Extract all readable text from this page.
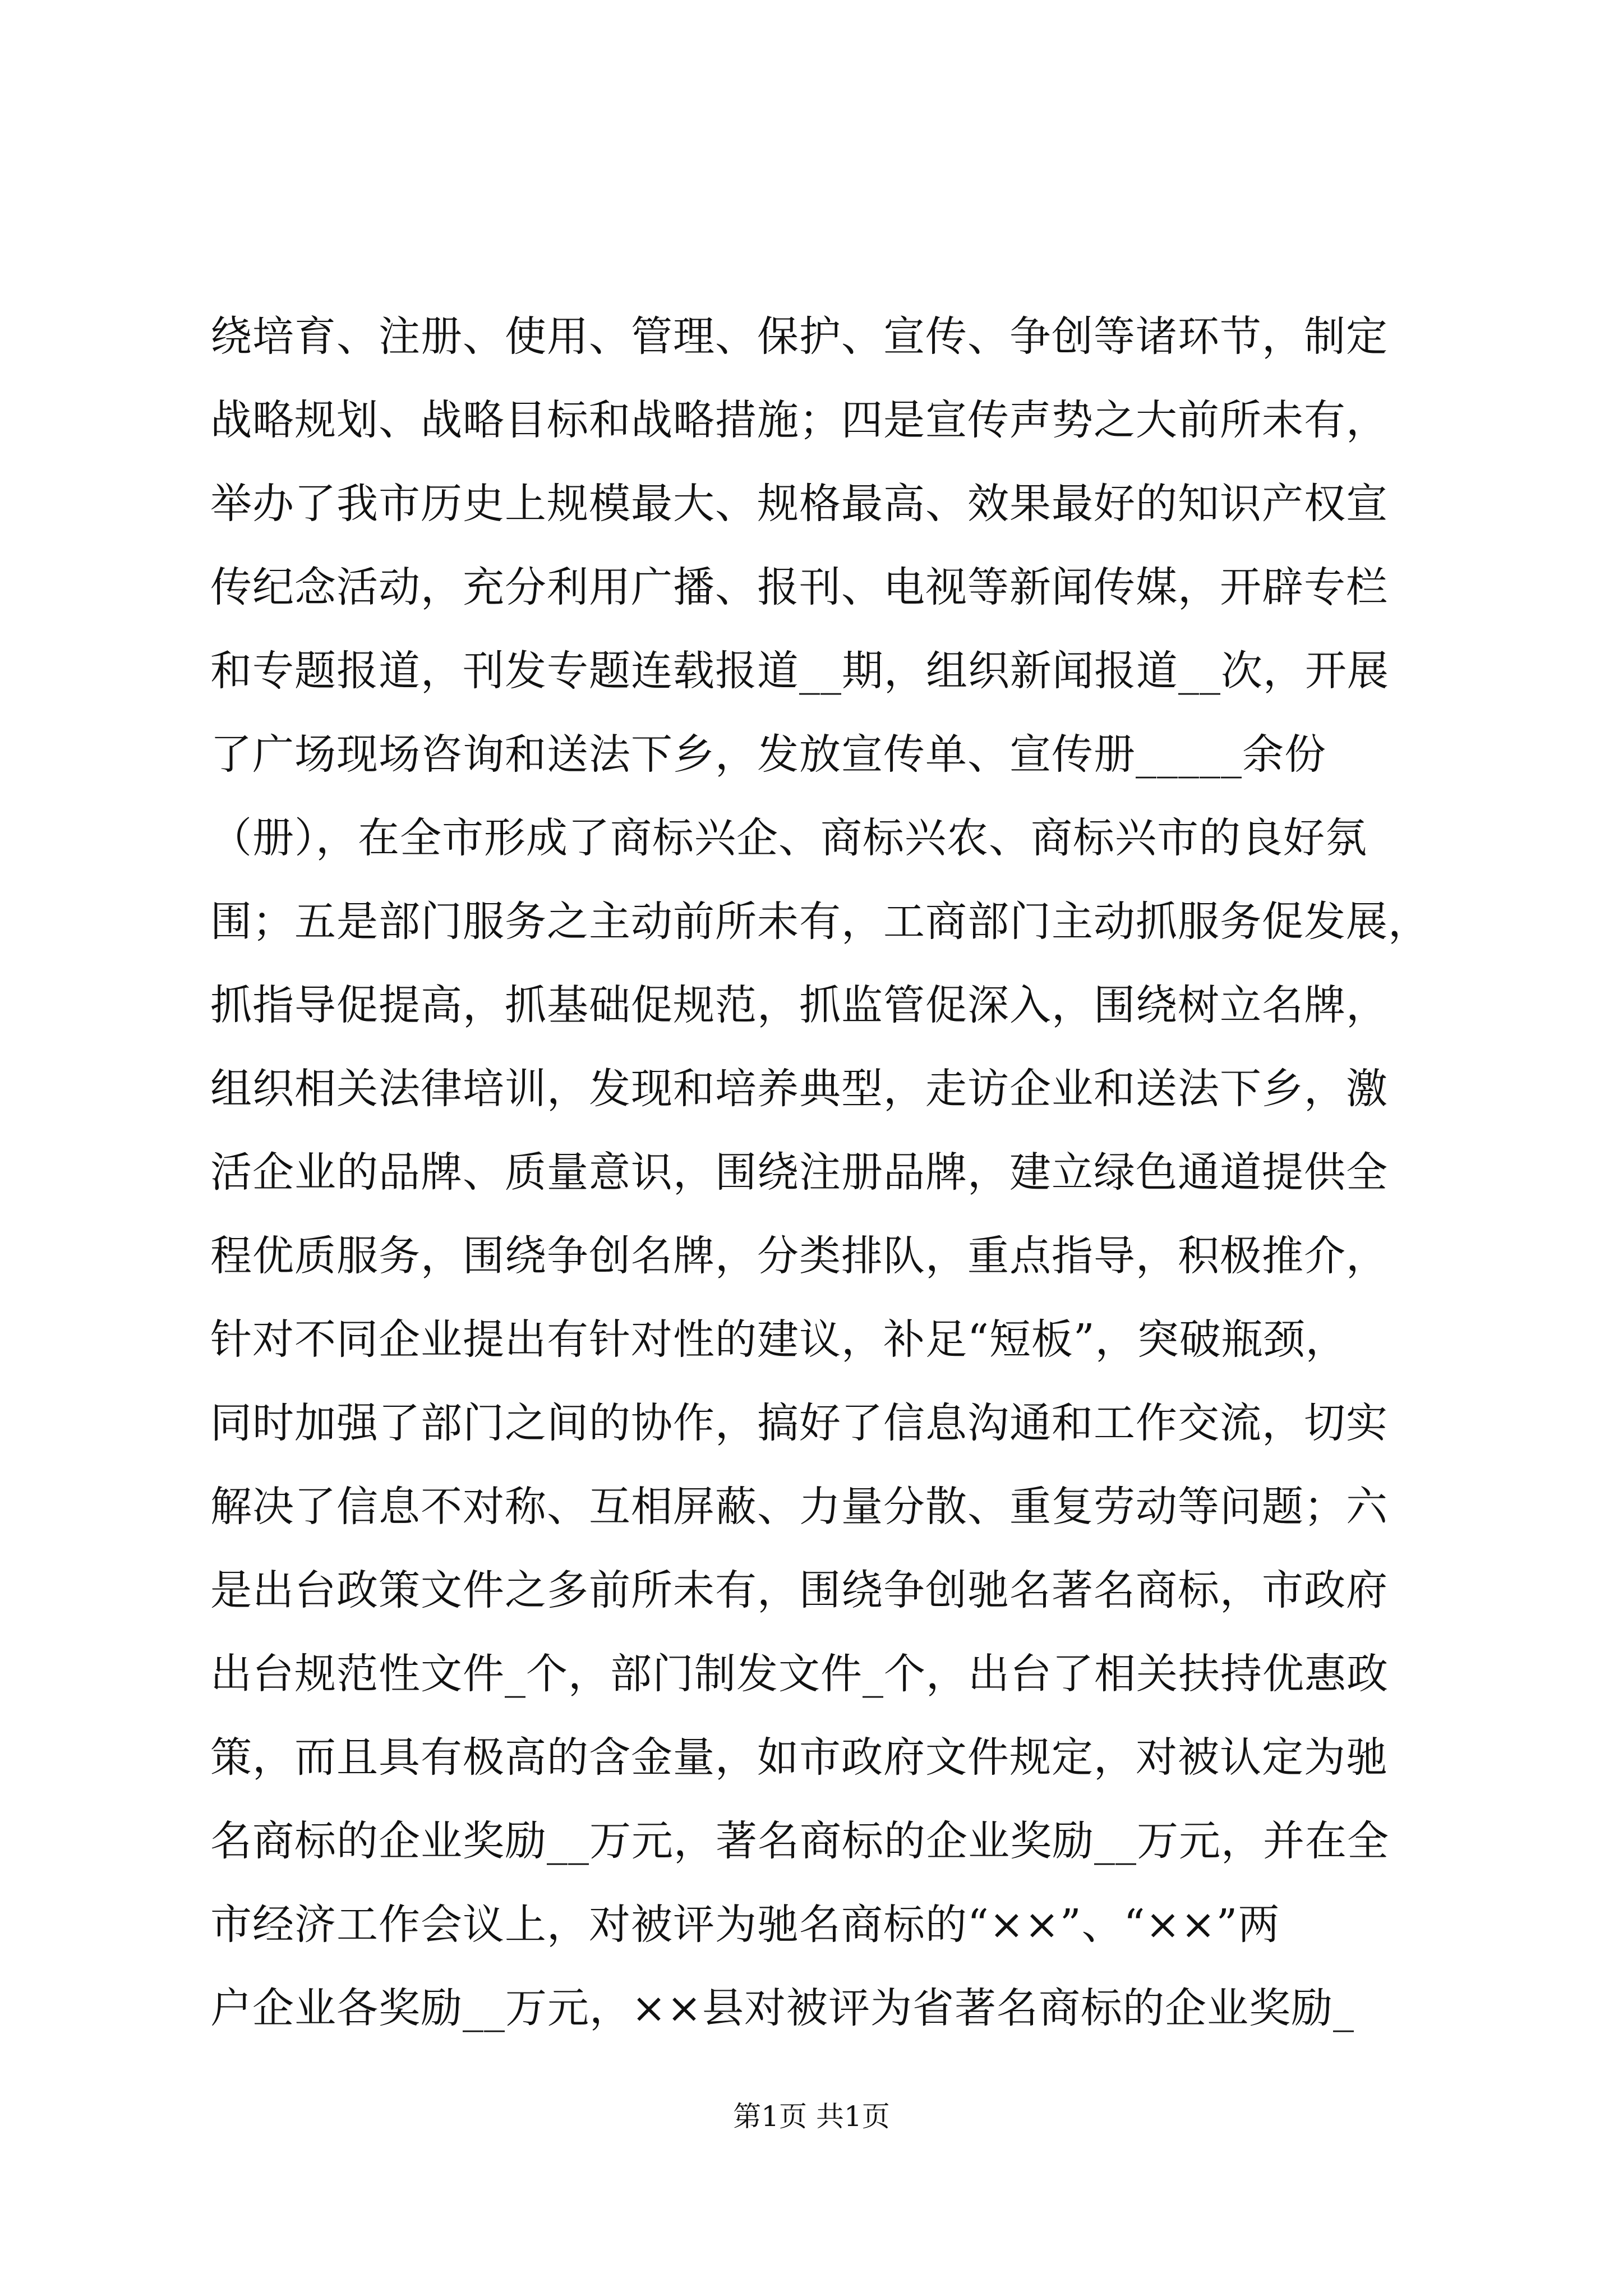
绕培育、注册、使用、管理、保护、宣传、争创等诸环节，制定
战略规划、战略目标和战略措施；四是宣传声势之大前所未有，
举办了我市历史上规模最大、规格最高、效果最好的知识产权宣
传纪念活动，充分利用广播、报刊、电视等新闻传媒，开辟专栏
和专题报道，刊发专题连载报道__期，组织新闻报道__次，开展
了广场现场咨询和送法下乡，发放宣传单、宣传册_____余份
（册），在全市形成了商标兴企、商标兴农、商标兴市的良好氛
围；五是部门服务之主动前所未有，工商部门主动抓服务促发展，
抓指导促提高，抓基础促规范，抓监管促深入，围绕树立名牌，
组织相关法律培训，发现和培养典型，走访企业和送法下乡，激
活企业的品牌、质量意识，围绕注册品牌，建立绿色通道提供全
程优质服务，围绕争创名牌，分类排队，重点指导，积极推介，
针对不同企业提出有针对性的建议，补足“短板”，突破瓶颈，
同时加强了部门之间的协作，搞好了信息沟通和工作交流，切实
解决了信息不对称、互相屏蔽、力量分散、重复劳动等问题；六
是出台政策文件之多前所未有，围绕争创驰名著名商标，市政府
出台规范性文件_个，部门制发文件_个，出台了相关扶持优惠政
策，而且具有极高的含金量，如市政府文件规定，对被认定为驰
名商标的企业奖励__万元，著名商标的企业奖励__万元，并在全
市经济工作会议上，对被评为驰名商标的“××”、“××”两
户企业各奖励__万元，××县对被评为省著名商标的企业奖励_
第1页 共1页
